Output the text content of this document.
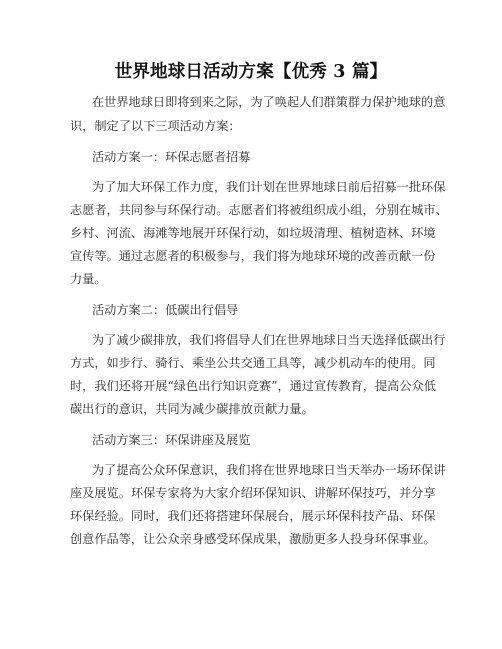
世界地球日活动方案【优秀 3 篇】
在世界地球日即将到来之际，为了唤起人们群策群力保护地球的意
识，制定了以下三项活动方案：
活动方案一：环保志愿者招募
为了加大环保工作力度，我们计划在世界地球日前后招募一批环保
志愿者，共同参与环保行动。志愿者们将被组织成小组，分别在城市、
乡村、河流、海滩等地展开环保行动，如垃圾清理、植树造林、环境
宣传等。通过志愿者的积极参与，我们将为地球环境的改善贡献一份
力量。
活动方案二：低碳出行倡导
为了减少碳排放，我们将倡导人们在世界地球日当天选择低碳出行
方式，如步行、骑行、乘坐公共交通工具等，减少机动车的使用。同
时，我们还将开展“绿色出行知识竞赛”，通过宣传教育，提高公众低
碳出行的意识，共同为减少碳排放贡献力量。
活动方案三：环保讲座及展览
为了提高公众环保意识，我们将在世界地球日当天举办一场环保讲
座及展览。环保专家将为大家介绍环保知识、讲解环保技巧，并分享
环保经验。同时，我们还将搭建环保展台，展示环保科技产品、环保
创意作品等，让公众亲身感受环保成果，激励更多人投身环保事业。
